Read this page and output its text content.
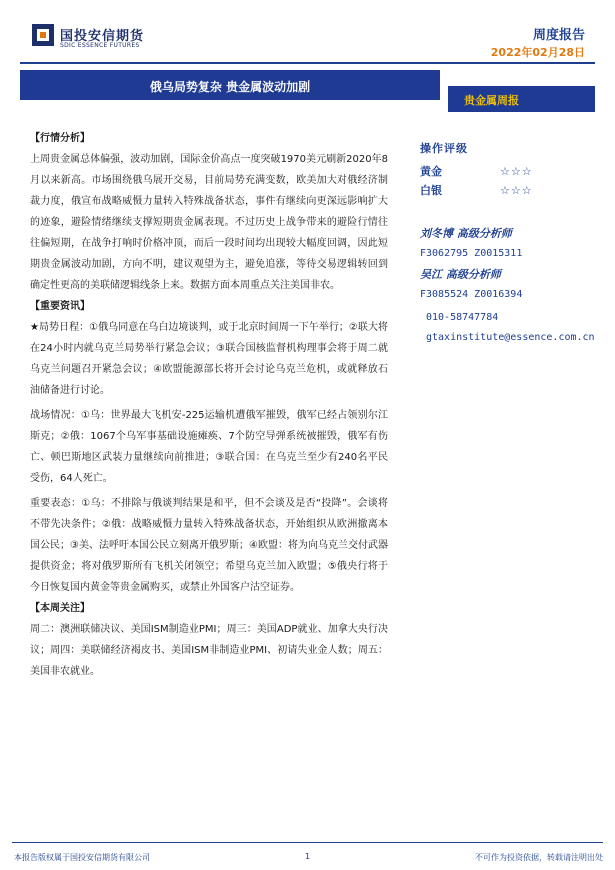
国投安信期货
SDIC ESSENCE FUTURES
周度报告
2022年02月28日
俄乌局势复杂 贵金属波动加剧
贵金属周报
【行情分析】

上周贵金属总体偏强，波动加剧，国际金价高点一度突破1970美元刷新2020年8月以来新高。市场围绕俄乌展开交易，目前局势充满变数，欧美加大对俄经济制裁力度，俄宣布战略威慑力量转入特殊战备状态，事件有继续向更深远影响扩大的迹象，避险情绪继续支撑短期贵金属表现。不过历史上战争带来的避险行情往往偏短期，在战争打响时价格冲顶，而后一段时间均出现较大幅度回调，因此短期贵金属波动加剧，方向不明，建议观望为主，避免追涨，等待交易逻辑转回到确定性更高的美联储逻辑线条上来。数据方面本周重点关注美国非农。

【重要资讯】

★局势日程：①俄乌同意在乌白边境谈判，或于北京时间周一下午举行；②联大将在24小时内就乌克兰局势举行紧急会议；③联合国核监督机构理事会将于周二就乌克兰问题召开紧急会议；④欧盟能源部长将开会讨论乌克兰危机，或就释放石油储备进行讨论。

战场情况：①乌：世界最大飞机安-225运输机遭俄军摧毁，俄军已经占领别尔江斯克；②俄：1067个乌军事基础设施瘫痪、7个防空导弹系统被摧毁，俄军有伤亡、顿巴斯地区武装力量继续向前推进；③联合国：在乌克兰至少有240名平民受伤，64人死亡。

重要表态：①乌：不排除与俄谈判结果是和平，但不会谈及是否“投降”。会谈将不带先决条件；②俄：战略威慑力量转入特殊战备状态，开始组织从欧洲撤离本国公民；③美、法呼吁本国公民立刻离开俄罗斯；④欧盟：将为向乌克兰交付武器提供资金；将对俄罗斯所有飞机关闭领空；希望乌克兰加入欧盟；⑤俄央行将于今日恢复国内黄金等贵金属购买，或禁止外国客户沽空证券。

【本周关注】

周二：澳洲联储决议、美国ISM制造业PMI；周三：美国ADP就业、加拿大央行决议；周四：美联储经济褐皮书、美国ISM非制造业PMI、初请失业金人数；周五：美国非农就业。

操作评级
黄金	☆☆☆
白银	☆☆☆
刘冬博 高级分析师
F3062795 Z0015311
吴江 高级分析师
F3085524 Z0016394
010-58747784
gtaxinstitute@essence.com.cn
本报告版权属于国投安信期货有限公司	1	不可作为投资依据，转载请注明出处
